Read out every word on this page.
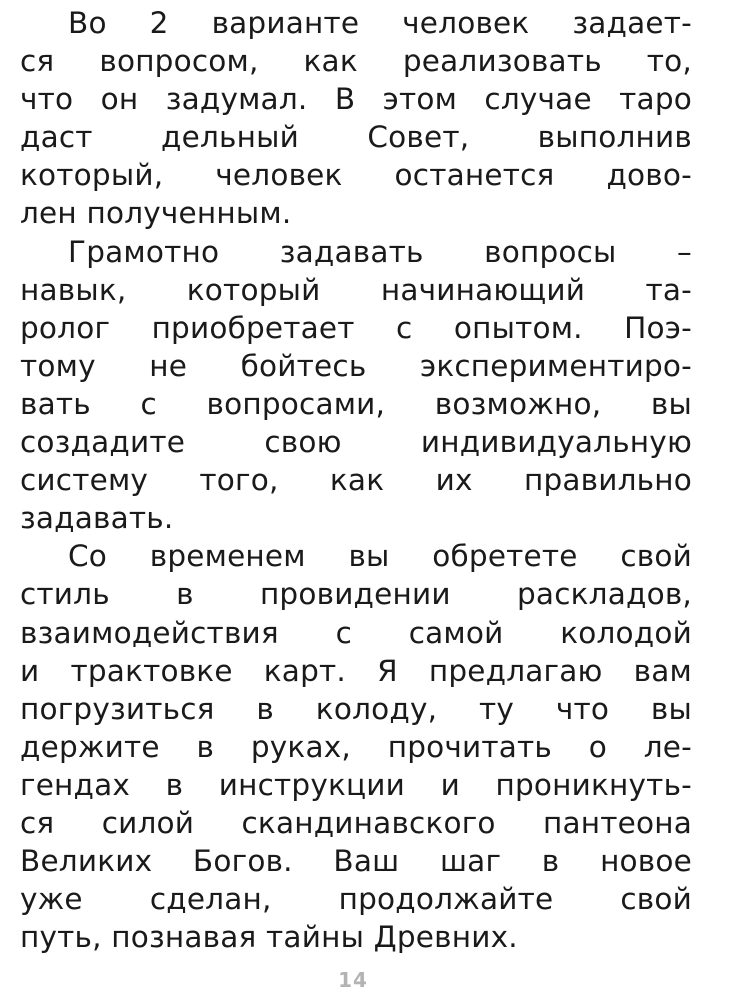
Во 2 варианте человек задает-
ся вопросом, как реализовать то,
что он задумал. В этом случае таро
даст дельный Совет, выполнив
который, человек останется дово-
лен полученным.
Грамотно задавать вопросы –
навык, который начинающий та-
ролог приобретает с опытом. Поэ-
тому не бойтесь экспериментиро-
вать с вопросами, возможно, вы
создадите свою индивидуальную
систему того, как их правильно
задавать.
Со временем вы обретете свой
стиль в провидении раскладов,
взаимодействия с самой колодой
и трактовке карт. Я предлагаю вам
погрузиться в колоду, ту что вы
держите в руках, прочитать о ле-
гендах в инструкции и проникнуть-
ся силой скандинавского пантеона
Великих Богов. Ваш шаг в новое
уже сделан, продолжайте свой
путь, познавая тайны Древних.
14
